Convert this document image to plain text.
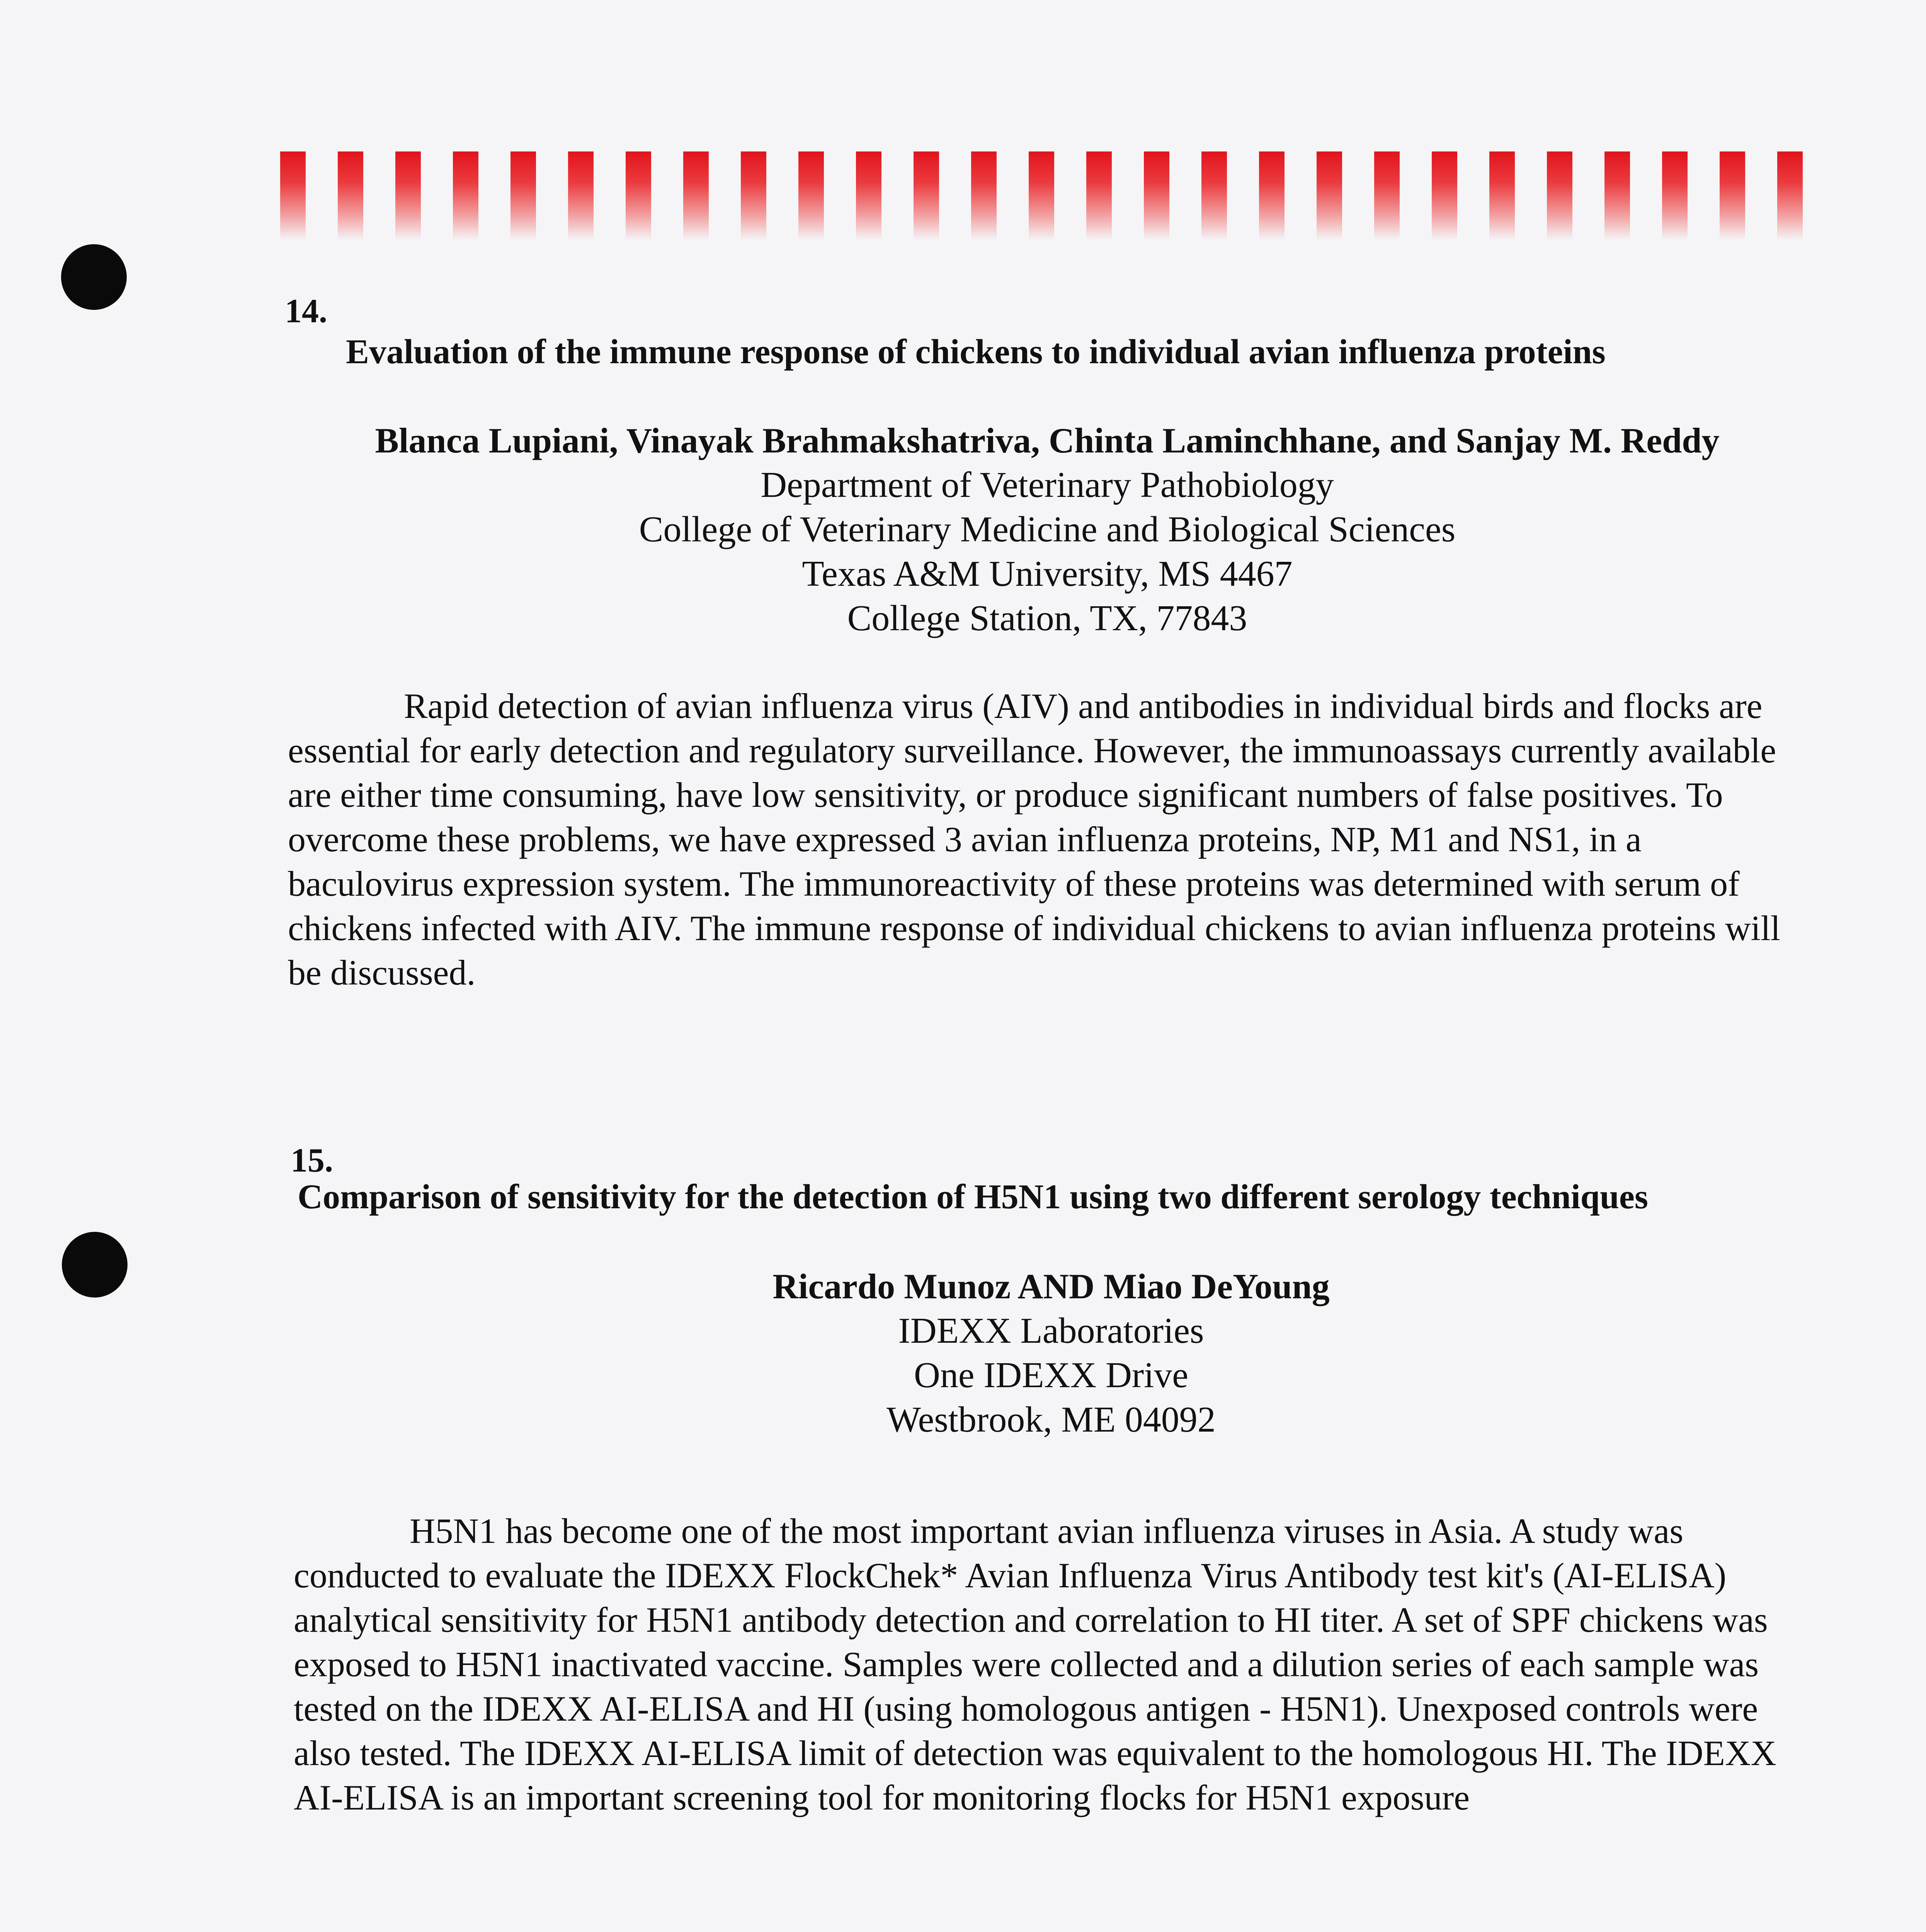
14.
Evaluation of the immune response of chickens to individual avian influenza proteins
Blanca Lupiani, Vinayak Brahmakshatriva, Chinta Laminchhane, and Sanjay M. Reddy
Department of Veterinary Pathobiology
College of Veterinary Medicine and Biological Sciences
Texas A&M University, MS 4467
College Station, TX, 77843

Rapid detection of avian influenza virus (AIV) and antibodies in individual birds and flocks are essential for early detection and regulatory surveillance. However, the immunoassays currently available are either time consuming, have low sensitivity, or produce significant numbers of false positives. To overcome these problems, we have expressed 3 avian influenza proteins, NP, M1 and NS1, in a baculovirus expression system. The immunoreactivity of these proteins was determined with serum of chickens infected with AIV. The immune response of individual chickens to avian influenza proteins will be discussed.

15.
Comparison of sensitivity for the detection of H5N1 using two different serology techniques
Ricardo Munoz AND Miao DeYoung
IDEXX Laboratories
One IDEXX Drive
Westbrook, ME 04092

H5N1 has become one of the most important avian influenza viruses in Asia. A study was conducted to evaluate the IDEXX FlockChek* Avian Influenza Virus Antibody test kit's (AI-ELISA) analytical sensitivity for H5N1 antibody detection and correlation to HI titer. A set of SPF chickens was exposed to H5N1 inactivated vaccine. Samples were collected and a dilution series of each sample was tested on the IDEXX AI-ELISA and HI (using homologous antigen - H5N1). Unexposed controls were also tested. The IDEXX AI-ELISA limit of detection was equivalent to the homologous HI. The IDEXX AI-ELISA is an important screening tool for monitoring flocks for H5N1 exposure
